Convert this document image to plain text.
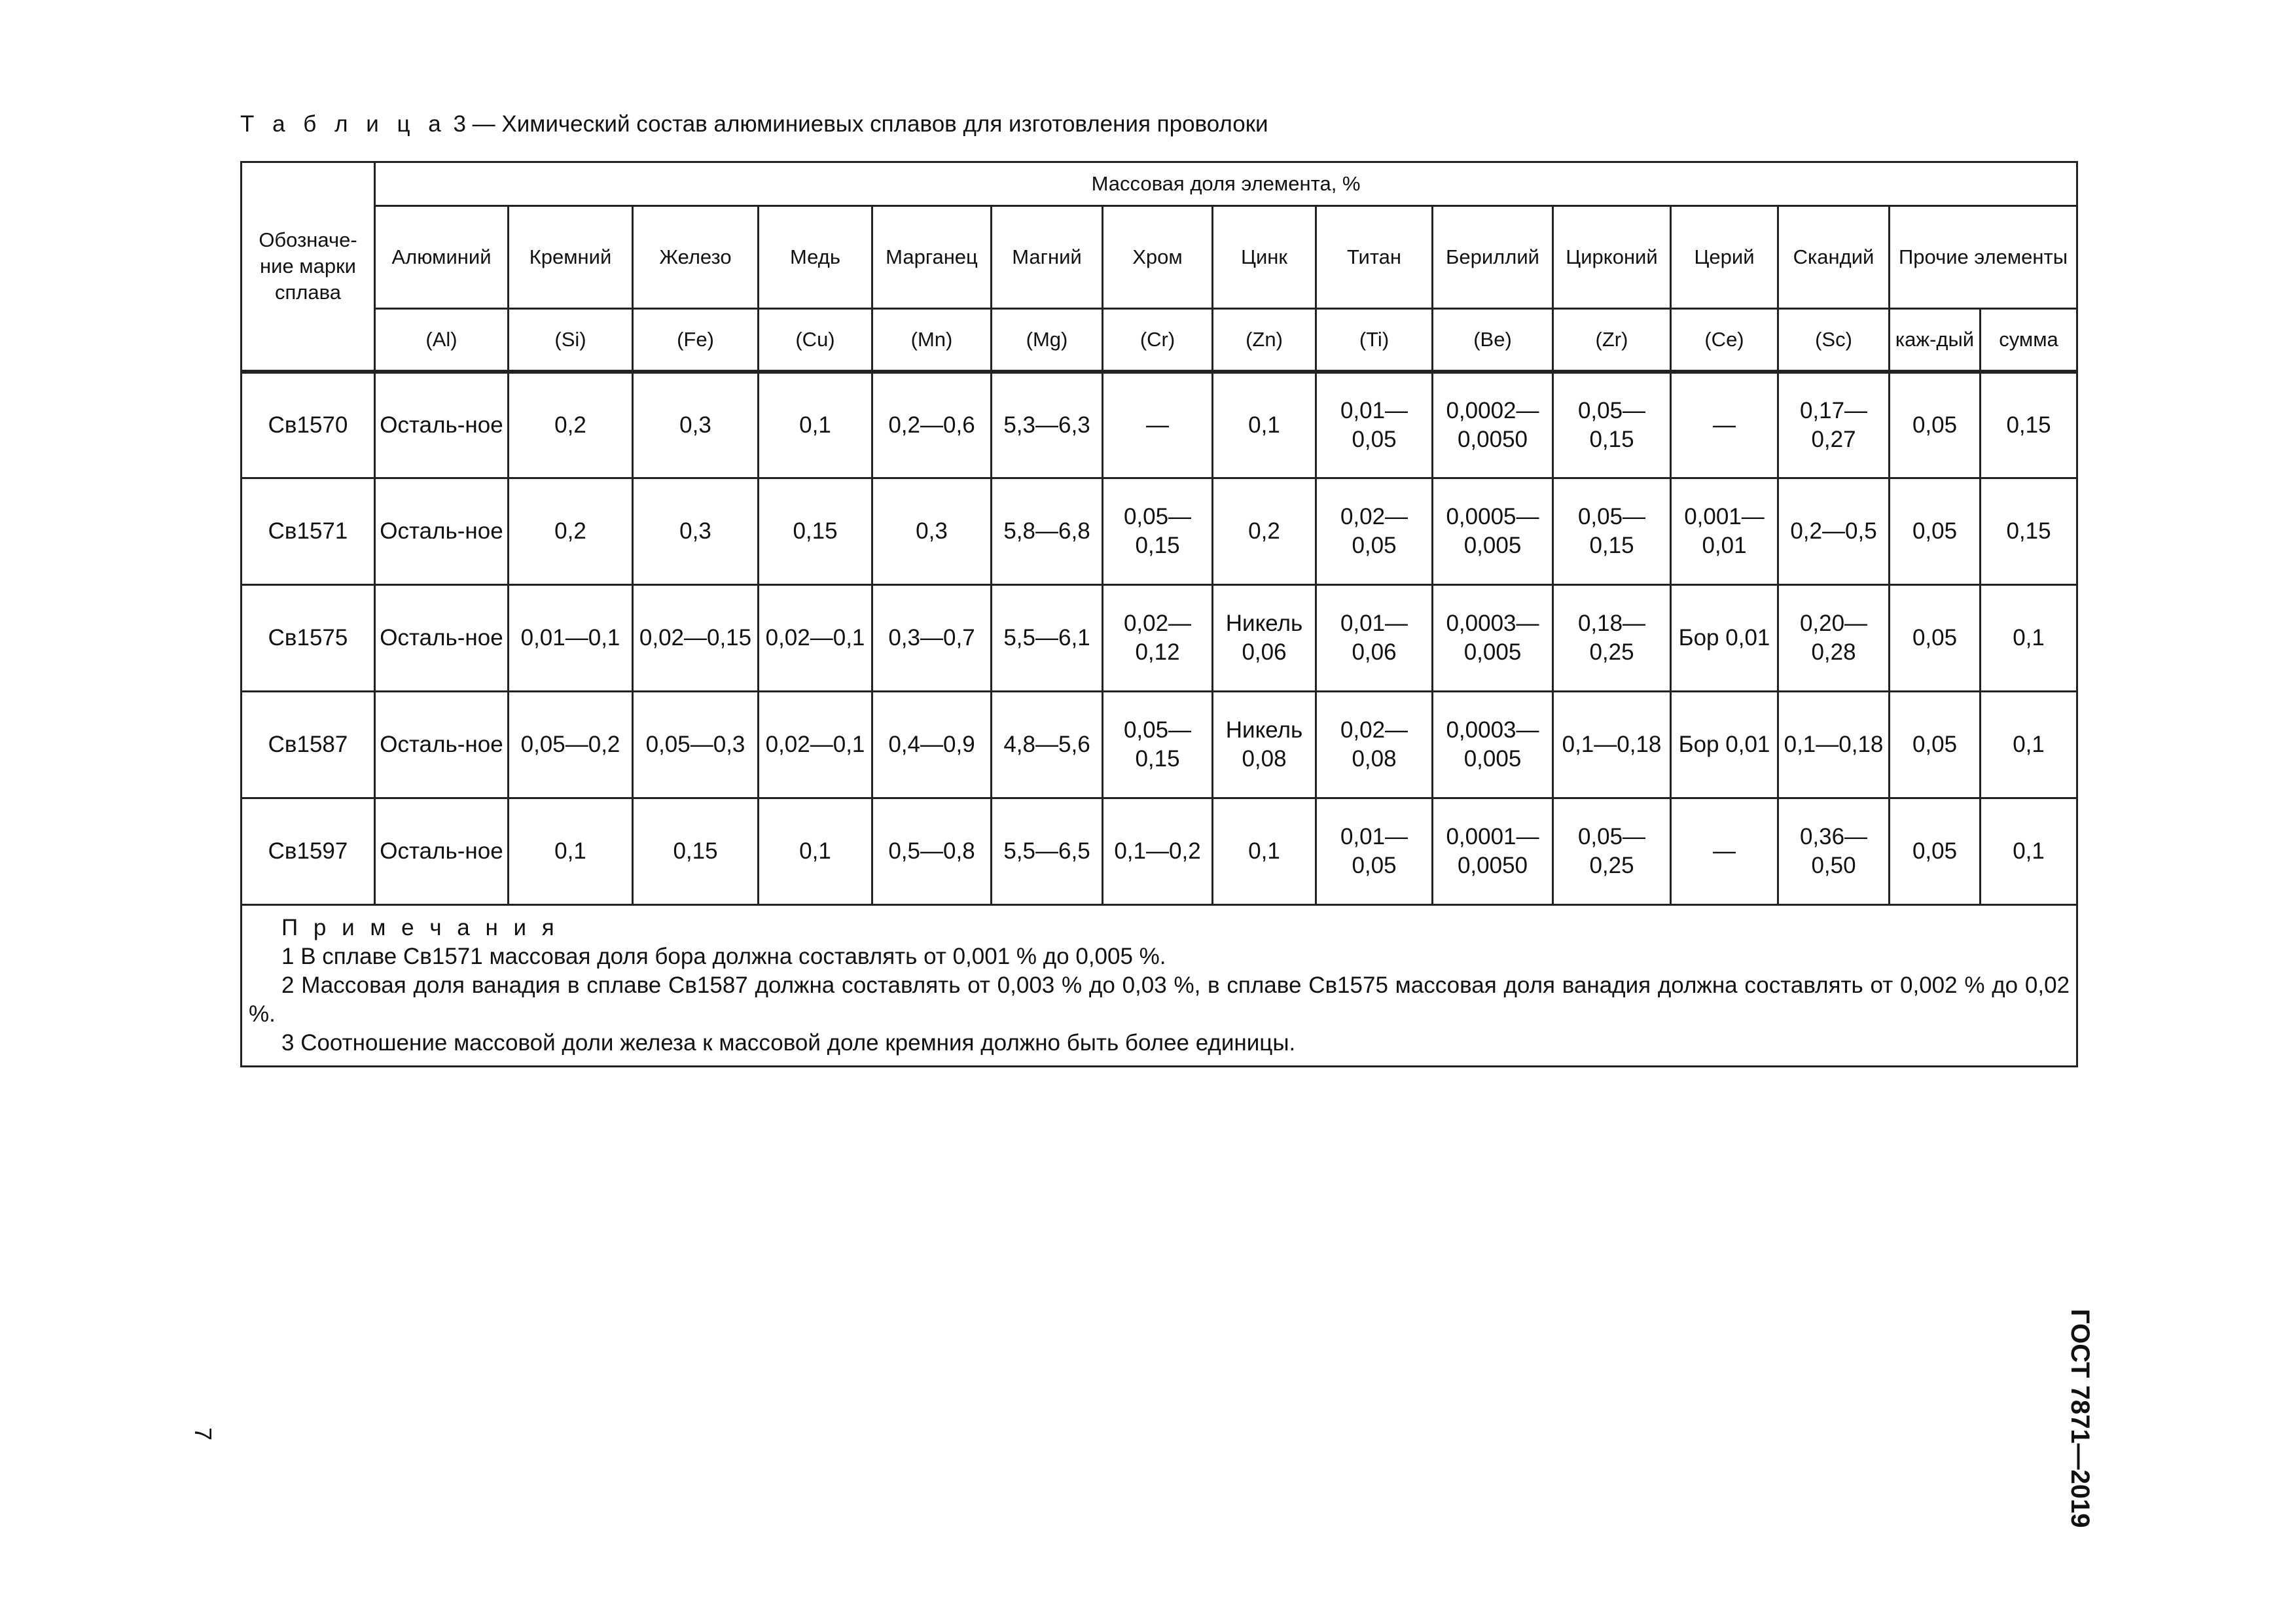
Т а б л и ц а 3 — Химический состав алюминиевых сплавов для изготовления проволоки
Обозначе-ние марки сплава	Массовая доля элемента, %														
	Алюминий	Кремний	Железо	Медь	Марганец	Магний	Хром	Цинк	Титан	Бериллий	Цирконий	Церий	Скандий	Прочие элементы	
	(Al)	(Si)	(Fe)	(Cu)	(Mn)	(Mg)	(Cr)	(Zn)	(Ti)	(Be)	(Zr)	(Ce)	(Sc)	каж-дый	сумма

Св1570	Осталь-ное	0,2	0,3	0,1	0,2—0,6	5,3—6,3	—	0,1	0,01—0,05	0,0002—0,0050	0,05—0,15	—	0,17—0,27	0,05	0,15
Св1571	Осталь-ное	0,2	0,3	0,15	0,3	5,8—6,8	0,05—0,15	0,2	0,02—0,05	0,0005—0,005	0,05—0,15	0,001—0,01	0,2—0,5	0,05	0,15
Св1575	Осталь-ное	0,01—0,1	0,02—0,15	0,02—0,1	0,3—0,7	5,5—6,1	0,02—0,12	Никель 0,06	0,01—0,06	0,0003—0,005	0,18—0,25	Бор 0,01	0,20—0,28	0,05	0,1
Св1587	Осталь-ное	0,05—0,2	0,05—0,3	0,02—0,1	0,4—0,9	4,8—5,6	0,05—0,15	Никель 0,08	0,02—0,08	0,0003—0,005	0,1—0,18	Бор 0,01	0,1—0,18	0,05	0,1
Св1597	Осталь-ное	0,1	0,15	0,1	0,5—0,8	5,5—6,5	0,1—0,2	0,1	0,01—0,05	0,0001—0,0050	0,05—0,25	—	0,36—0,50	0,05	0,1

П р и м е ч а н и я
1 В сплаве Св1571 массовая доля бора должна составлять от 0,001 % до 0,005 %.
2 Массовая доля ванадия в сплаве Св1587 должна составлять от 0,003 % до 0,03 %, в сплаве Св1575 массовая доля ванадия должна составлять от 0,002 % до 0,02 %.
3 Соотношение массовой доли железа к массовой доле кремния должно быть более единицы.															
7	ГОСТ 7871—2019
